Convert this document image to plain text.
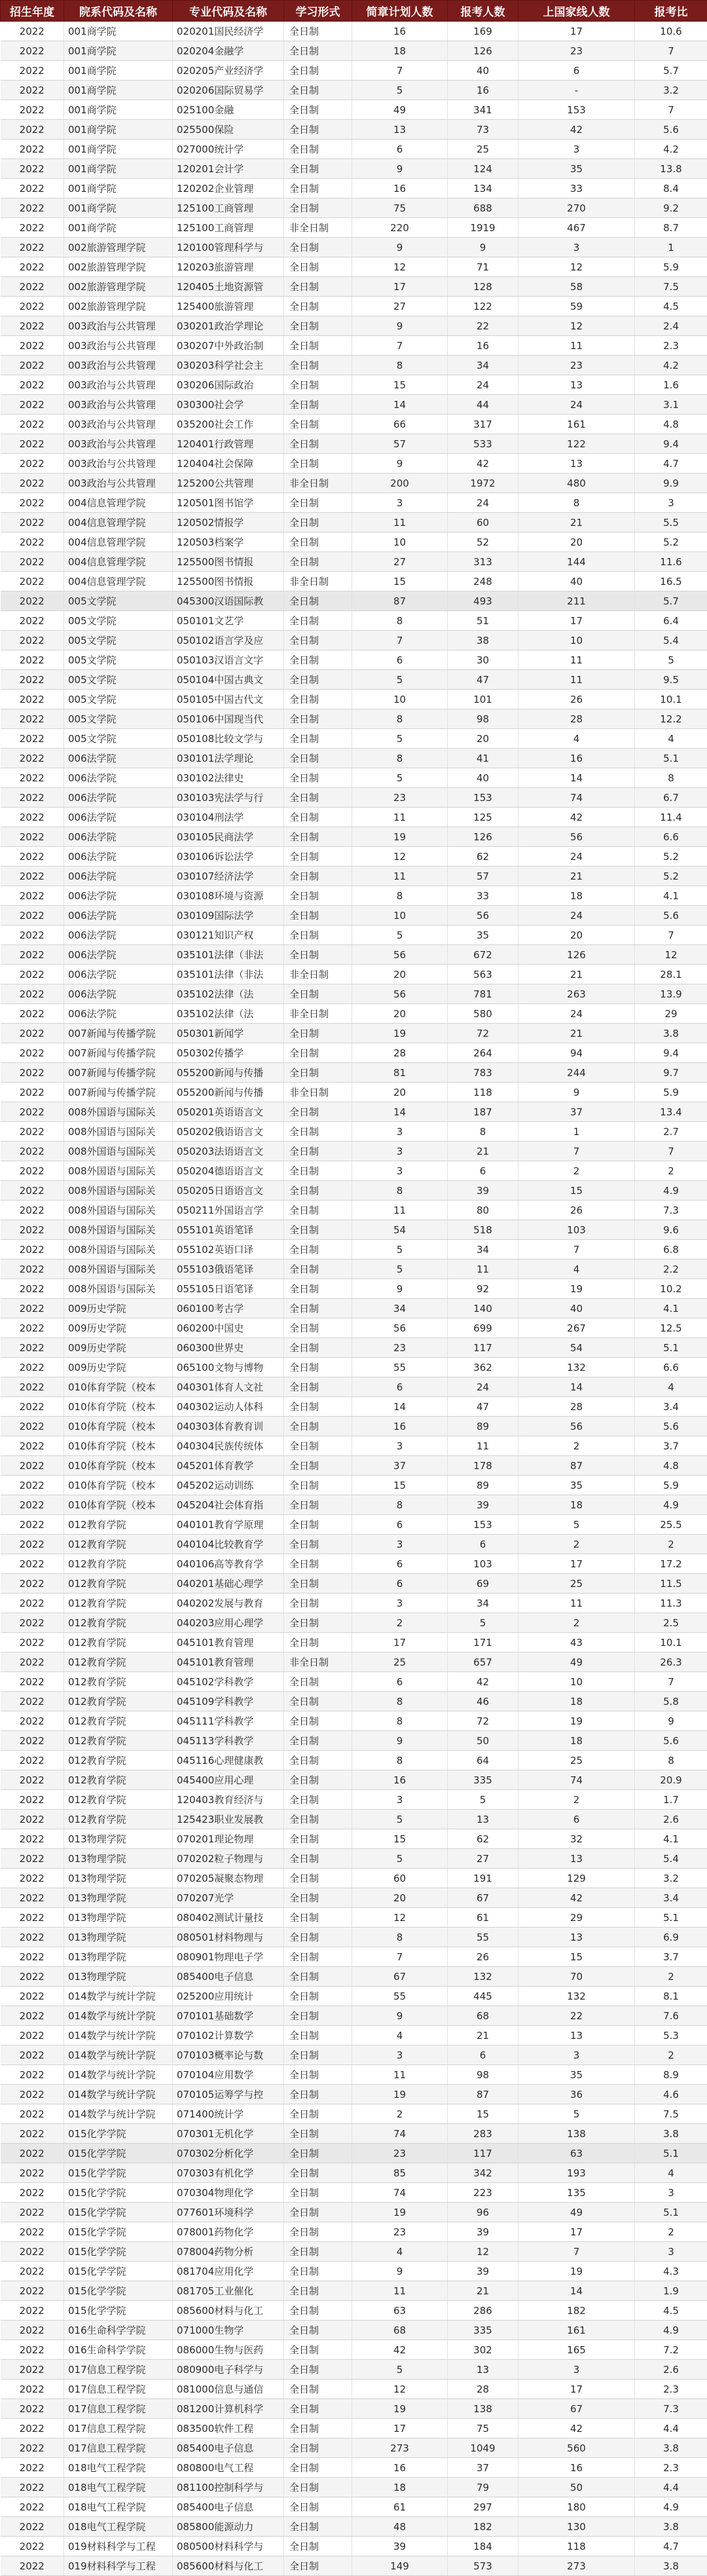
招生年度	院系代码及名称	专业代码及名称	学习形式	简章计划人数	报考人数	上国家线人数	报考比
2022	001商学院	020201国民经济学	全日制	16	169	17	10.6
2022	001商学院	020204金融学	全日制	18	126	23	7
2022	001商学院	020205产业经济学	全日制	7	40	6	5.7
2022	001商学院	020206国际贸易学	全日制	5	16	-	3.2
2022	001商学院	025100金融	全日制	49	341	153	7
2022	001商学院	025500保险	全日制	13	73	42	5.6
2022	001商学院	027000统计学	全日制	6	25	3	4.2
2022	001商学院	120201会计学	全日制	9	124	35	13.8
2022	001商学院	120202企业管理	全日制	16	134	33	8.4
2022	001商学院	125100工商管理	全日制	75	688	270	9.2
2022	001商学院	125100工商管理	非全日制	220	1919	467	8.7
2022	002旅游管理学院	120100管理科学与	全日制	9	9	3	1
2022	002旅游管理学院	120203旅游管理	全日制	12	71	12	5.9
2022	002旅游管理学院	120405土地资源管	全日制	17	128	58	7.5
2022	002旅游管理学院	125400旅游管理	全日制	27	122	59	4.5
2022	003政治与公共管理	030201政治学理论	全日制	9	22	12	2.4
2022	003政治与公共管理	030207中外政治制	全日制	7	16	11	2.3
2022	003政治与公共管理	030203科学社会主	全日制	8	34	23	4.2
2022	003政治与公共管理	030206国际政治	全日制	15	24	13	1.6
2022	003政治与公共管理	030300社会学	全日制	14	44	24	3.1
2022	003政治与公共管理	035200社会工作	全日制	66	317	161	4.8
2022	003政治与公共管理	120401行政管理	全日制	57	533	122	9.4
2022	003政治与公共管理	120404社会保障	全日制	9	42	13	4.7
2022	003政治与公共管理	125200公共管理	非全日制	200	1972	480	9.9
2022	004信息管理学院	120501图书馆学	全日制	3	24	8	3
2022	004信息管理学院	120502情报学	全日制	11	60	21	5.5
2022	004信息管理学院	120503档案学	全日制	10	52	20	5.2
2022	004信息管理学院	125500图书情报	全日制	27	313	144	11.6
2022	004信息管理学院	125500图书情报	非全日制	15	248	40	16.5
2022	005文学院	045300汉语国际教	全日制	87	493	211	5.7
2022	005文学院	050101文艺学	全日制	8	51	17	6.4
2022	005文学院	050102语言学及应	全日制	7	38	10	5.4
2022	005文学院	050103汉语言文字	全日制	6	30	11	5
2022	005文学院	050104中国古典文	全日制	5	47	11	9.5
2022	005文学院	050105中国古代文	全日制	10	101	26	10.1
2022	005文学院	050106中国现当代	全日制	8	98	28	12.2
2022	005文学院	050108比较文学与	全日制	5	20	4	4
2022	006法学院	030101法学理论	全日制	8	41	16	5.1
2022	006法学院	030102法律史	全日制	5	40	14	8
2022	006法学院	030103宪法学与行	全日制	23	153	74	6.7
2022	006法学院	030104刑法学	全日制	11	125	42	11.4
2022	006法学院	030105民商法学	全日制	19	126	56	6.6
2022	006法学院	030106诉讼法学	全日制	12	62	24	5.2
2022	006法学院	030107经济法学	全日制	11	57	21	5.2
2022	006法学院	030108环境与资源	全日制	8	33	18	4.1
2022	006法学院	030109国际法学	全日制	10	56	24	5.6
2022	006法学院	030121知识产权	全日制	5	35	20	7
2022	006法学院	035101法律（非法	全日制	56	672	126	12
2022	006法学院	035101法律（非法	非全日制	20	563	21	28.1
2022	006法学院	035102法律（法	全日制	56	781	263	13.9
2022	006法学院	035102法律（法	非全日制	20	580	24	29
2022	007新闻与传播学院	050301新闻学	全日制	19	72	21	3.8
2022	007新闻与传播学院	050302传播学	全日制	28	264	94	9.4
2022	007新闻与传播学院	055200新闻与传播	全日制	81	783	244	9.7
2022	007新闻与传播学院	055200新闻与传播	非全日制	20	118	9	5.9
2022	008外国语与国际关	050201英语语言文	全日制	14	187	37	13.4
2022	008外国语与国际关	050202俄语语言文	全日制	3	8	1	2.7
2022	008外国语与国际关	050203法语语言文	全日制	3	21	7	7
2022	008外国语与国际关	050204德语语言文	全日制	3	6	2	2
2022	008外国语与国际关	050205日语语言文	全日制	8	39	15	4.9
2022	008外国语与国际关	050211外国语言学	全日制	11	80	26	7.3
2022	008外国语与国际关	055101英语笔译	全日制	54	518	103	9.6
2022	008外国语与国际关	055102英语口译	全日制	5	34	7	6.8
2022	008外国语与国际关	055103俄语笔译	全日制	5	11	4	2.2
2022	008外国语与国际关	055105日语笔译	全日制	9	92	19	10.2
2022	009历史学院	060100考古学	全日制	34	140	40	4.1
2022	009历史学院	060200中国史	全日制	56	699	267	12.5
2022	009历史学院	060300世界史	全日制	23	117	54	5.1
2022	009历史学院	065100文物与博物	全日制	55	362	132	6.6
2022	010体育学院（校本	040301体育人文社	全日制	6	24	14	4
2022	010体育学院（校本	040302运动人体科	全日制	14	47	28	3.4
2022	010体育学院（校本	040303体育教育训	全日制	16	89	56	5.6
2022	010体育学院（校本	040304民族传统体	全日制	3	11	2	3.7
2022	010体育学院（校本	045201体育教学	全日制	37	178	87	4.8
2022	010体育学院（校本	045202运动训练	全日制	15	89	35	5.9
2022	010体育学院（校本	045204社会体育指	全日制	8	39	18	4.9
2022	012教育学院	040101教育学原理	全日制	6	153	5	25.5
2022	012教育学院	040104比较教育学	全日制	3	6	2	2
2022	012教育学院	040106高等教育学	全日制	6	103	17	17.2
2022	012教育学院	040201基础心理学	全日制	6	69	25	11.5
2022	012教育学院	040202发展与教育	全日制	3	34	11	11.3
2022	012教育学院	040203应用心理学	全日制	2	5	2	2.5
2022	012教育学院	045101教育管理	全日制	17	171	43	10.1
2022	012教育学院	045101教育管理	非全日制	25	657	49	26.3
2022	012教育学院	045102学科教学	全日制	6	42	10	7
2022	012教育学院	045109学科教学	全日制	8	46	18	5.8
2022	012教育学院	045111学科教学	全日制	8	72	19	9
2022	012教育学院	045113学科教学	全日制	9	50	18	5.6
2022	012教育学院	045116心理健康教	全日制	8	64	25	8
2022	012教育学院	045400应用心理	全日制	16	335	74	20.9
2022	012教育学院	120403教育经济与	全日制	3	5	2	1.7
2022	012教育学院	125423职业发展教	全日制	5	13	6	2.6
2022	013物理学院	070201理论物理	全日制	15	62	32	4.1
2022	013物理学院	070202粒子物理与	全日制	5	27	13	5.4
2022	013物理学院	070205凝聚态物理	全日制	60	191	129	3.2
2022	013物理学院	070207光学	全日制	20	67	42	3.4
2022	013物理学院	080402测试计量技	全日制	12	61	29	5.1
2022	013物理学院	080501材料物理与	全日制	8	55	13	6.9
2022	013物理学院	080901物理电子学	全日制	7	26	15	3.7
2022	013物理学院	085400电子信息	全日制	67	132	70	2
2022	014数学与统计学院	025200应用统计	全日制	55	445	132	8.1
2022	014数学与统计学院	070101基础数学	全日制	9	68	22	7.6
2022	014数学与统计学院	070102计算数学	全日制	4	21	13	5.3
2022	014数学与统计学院	070103概率论与数	全日制	3	6	3	2
2022	014数学与统计学院	070104应用数学	全日制	11	98	35	8.9
2022	014数学与统计学院	070105运筹学与控	全日制	19	87	36	4.6
2022	014数学与统计学院	071400统计学	全日制	2	15	5	7.5
2022	015化学学院	070301无机化学	全日制	74	283	138	3.8
2022	015化学学院	070302分析化学	全日制	23	117	63	5.1
2022	015化学学院	070303有机化学	全日制	85	342	193	4
2022	015化学学院	070304物理化学	全日制	74	223	135	3
2022	015化学学院	077601环境科学	全日制	19	96	49	5.1
2022	015化学学院	078001药物化学	全日制	23	39	17	2
2022	015化学学院	078004药物分析	全日制	4	12	7	3
2022	015化学学院	081704应用化学	全日制	9	39	19	4.3
2022	015化学学院	081705工业催化	全日制	11	21	14	1.9
2022	015化学学院	085600材料与化工	全日制	63	286	182	4.5
2022	016生命科学学院	071000生物学	全日制	68	335	161	4.9
2022	016生命科学学院	086000生物与医药	全日制	42	302	165	7.2
2022	017信息工程学院	080900电子科学与	全日制	5	13	3	2.6
2022	017信息工程学院	081000信息与通信	全日制	12	28	17	2.3
2022	017信息工程学院	081200计算机科学	全日制	19	138	67	7.3
2022	017信息工程学院	083500软件工程	全日制	17	75	42	4.4
2022	017信息工程学院	085400电子信息	全日制	273	1049	560	3.8
2022	018电气工程学院	080800电气工程	全日制	16	37	16	2.3
2022	018电气工程学院	081100控制科学与	全日制	18	79	50	4.4
2022	018电气工程学院	085400电子信息	全日制	61	297	180	4.9
2022	018电气工程学院	085800能源动力	全日制	48	182	130	3.8
2022	019材料科学与工程	080500材料科学与	全日制	39	184	118	4.7
2022	019材料科学与工程	085600材料与化工	全日制	149	573	273	3.8
